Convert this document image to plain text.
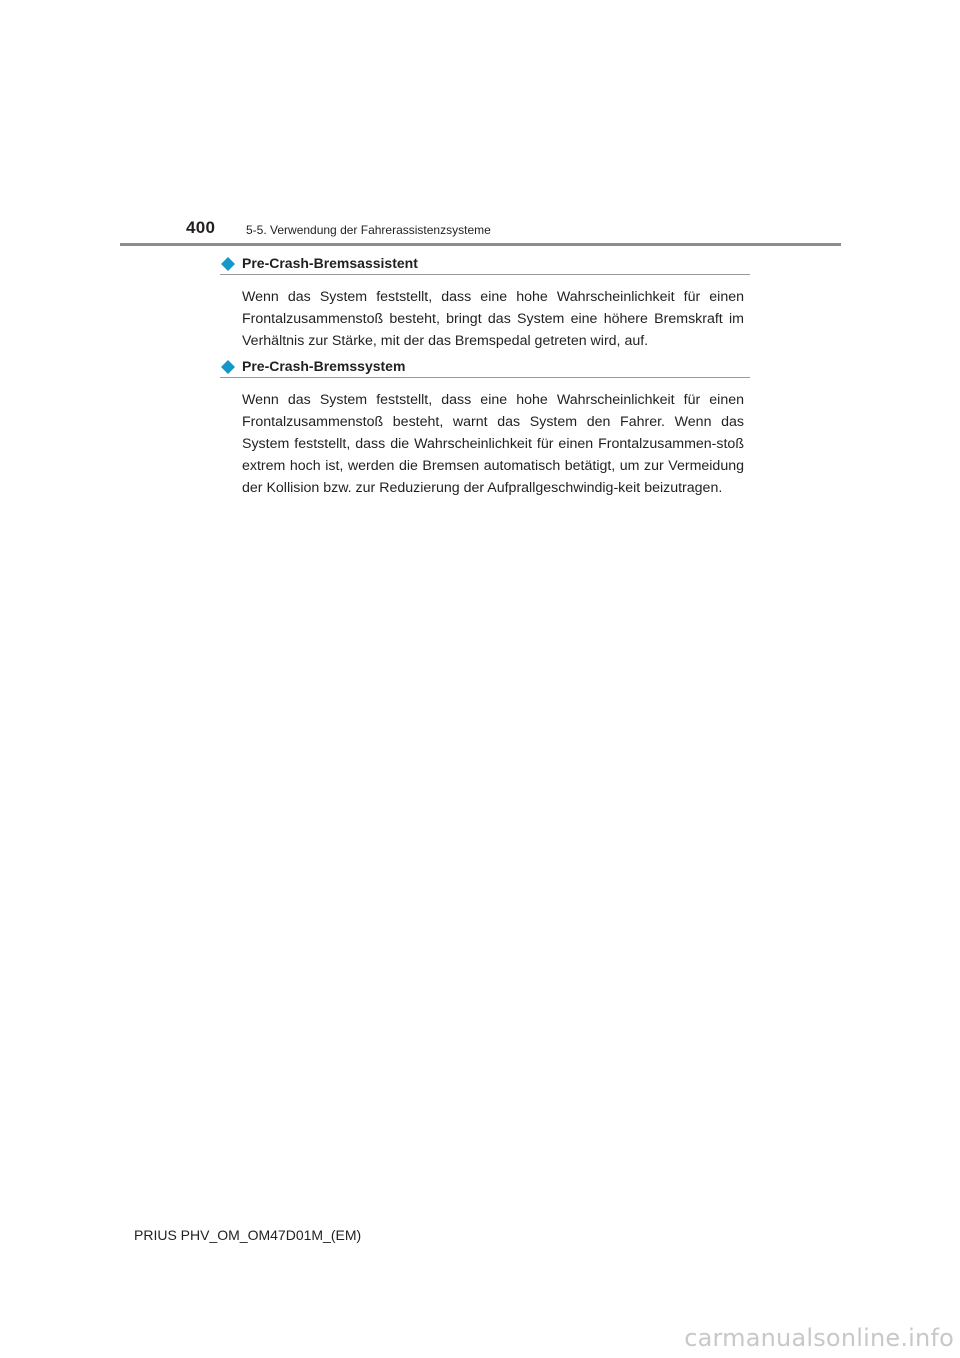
400	5-5. Verwendung der Fahrerassistenzsysteme
Pre-Crash-Bremsassistent

Wenn das System feststellt, dass eine hohe Wahrscheinlichkeit für einen Frontalzusammenstoß besteht, bringt das System eine höhere Bremskraft im Verhältnis zur Stärke, mit der das Bremspedal getreten wird, auf.

Pre-Crash-Bremssystem

Wenn das System feststellt, dass eine hohe Wahrscheinlichkeit für einen Frontalzusammenstoß besteht, warnt das System den Fahrer. Wenn das System feststellt, dass die Wahrscheinlichkeit für einen Frontalzusammen-stoß extrem hoch ist, werden die Bremsen automatisch betätigt, um zur Vermeidung der Kollision bzw. zur Reduzierung der Aufprallgeschwindig-keit beizutragen.

PRIUS PHV_OM_OM47D01M_(EM)
carmanualsonline.info
